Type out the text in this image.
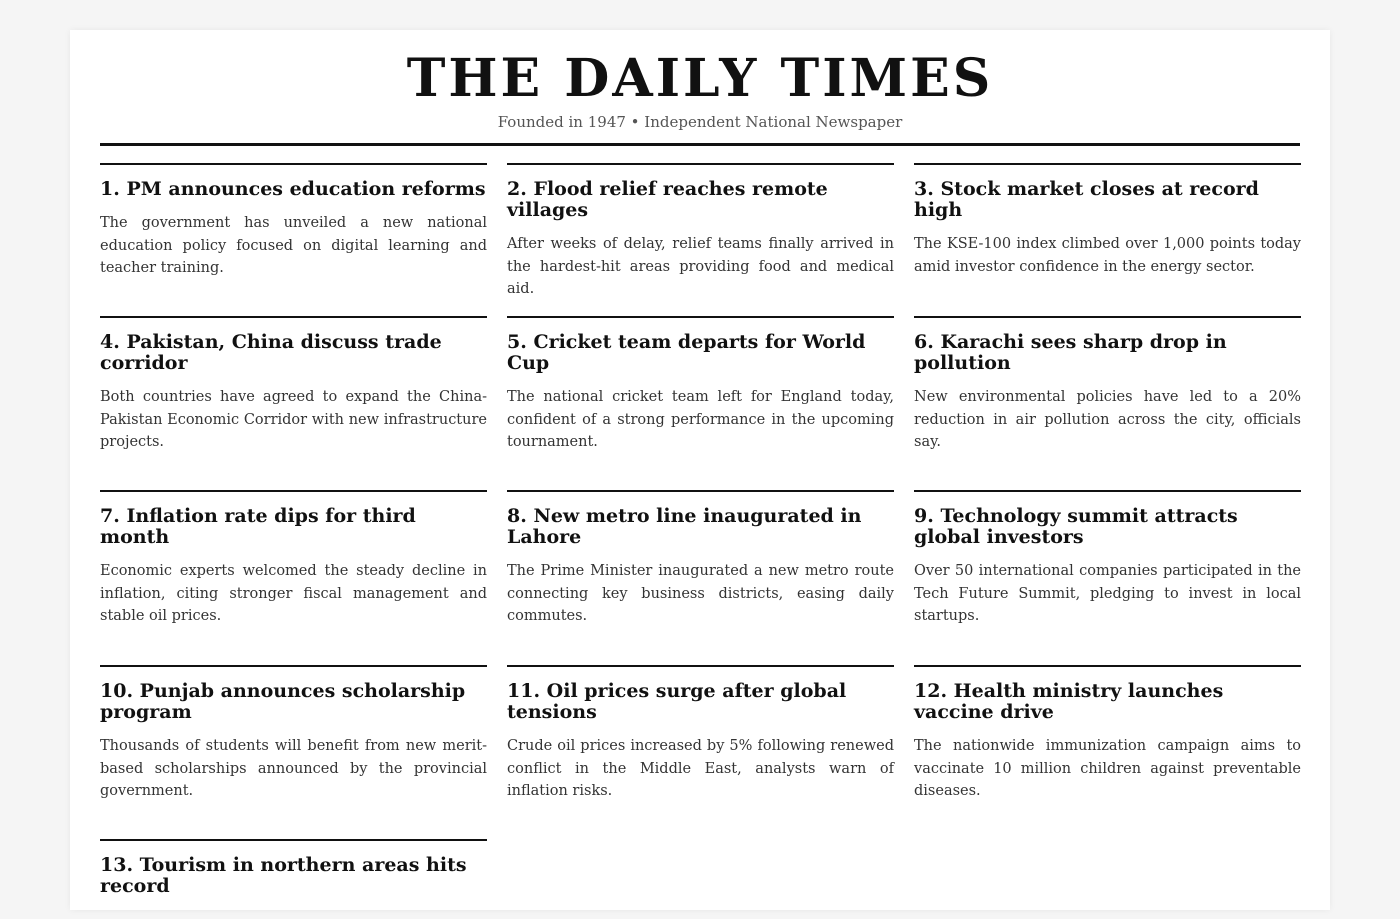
THE DAILY TIMES
Founded in 1947 • Independent National Newspaper
1. PM announces education reforms

The government has unveiled a new national education policy focused on digital learning and teacher training.

2. Flood relief reaches remote villages

After weeks of delay, relief teams finally arrived in the hardest-hit areas providing food and medical aid.

3. Stock market closes at record high

The KSE-100 index climbed over 1,000 points today amid investor confidence in the energy sector.

4. Pakistan, China discuss trade corridor

Both countries have agreed to expand the China-Pakistan Economic Corridor with new infrastructure projects.

5. Cricket team departs for World Cup

The national cricket team left for England today, confident of a strong performance in the upcoming tournament.

6. Karachi sees sharp drop in pollution

New environmental policies have led to a 20% reduction in air pollution across the city, officials say.

7. Inflation rate dips for third month

Economic experts welcomed the steady decline in inflation, citing stronger fiscal management and stable oil prices.

8. New metro line inaugurated in Lahore

The Prime Minister inaugurated a new metro route connecting key business districts, easing daily commutes.

9. Technology summit attracts global investors

Over 50 international companies participated in the Tech Future Summit, pledging to invest in local startups.

10. Punjab announces scholarship program

Thousands of students will benefit from new merit-based scholarships announced by the provincial government.

11. Oil prices surge after global tensions

Crude oil prices increased by 5% following renewed conflict in the Middle East, analysts warn of inflation risks.

12. Health ministry launches vaccine drive

The nationwide immunization campaign aims to vaccinate 10 million children against preventable diseases.

13. Tourism in northern areas hits record
